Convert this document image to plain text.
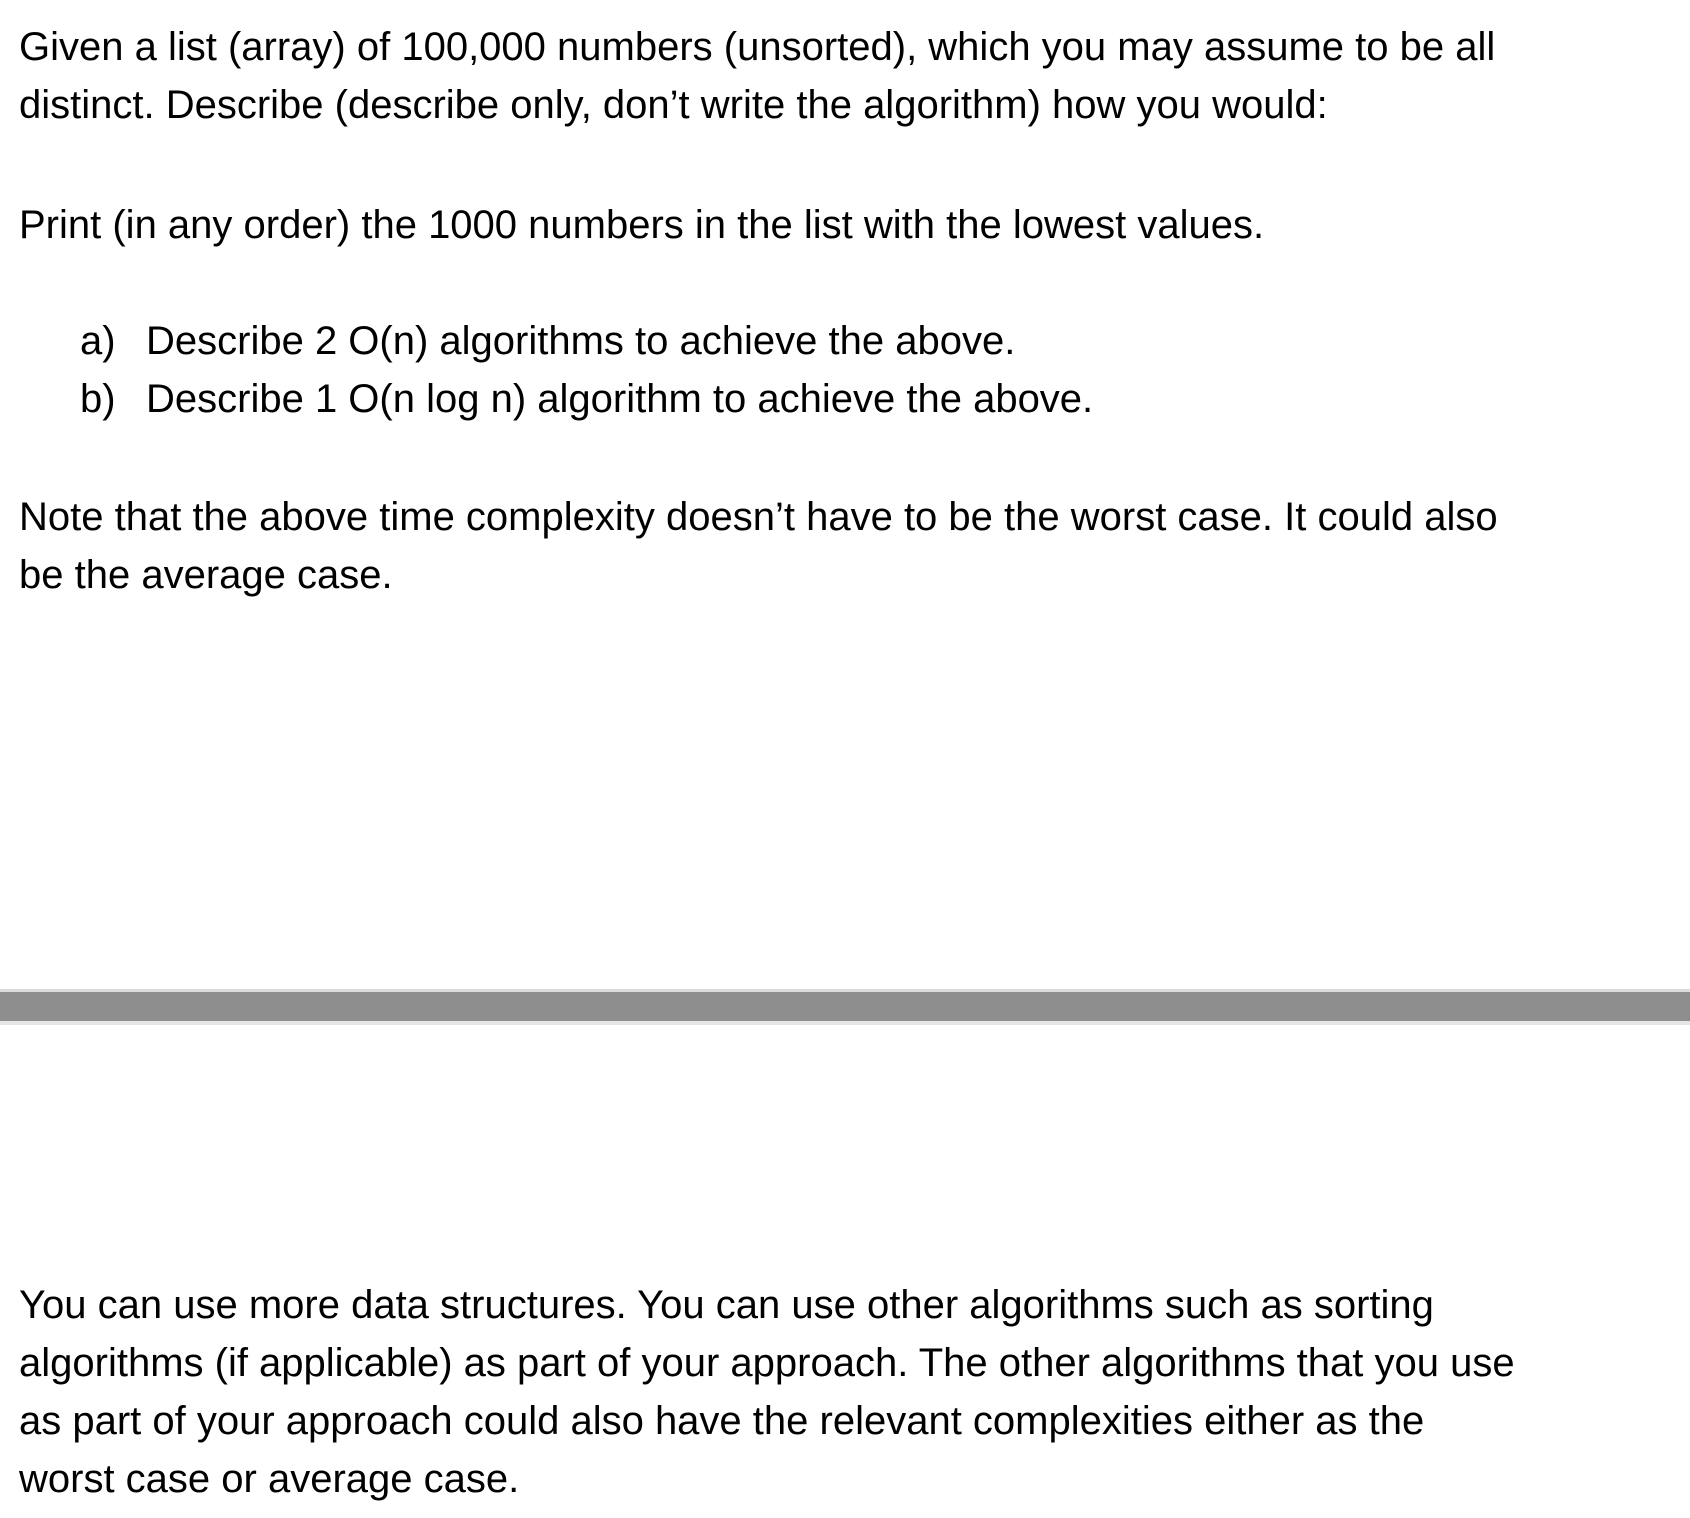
Given a list (array) of 100,000 numbers (unsorted), which you may assume to be all
distinct. Describe (describe only, don’t write the algorithm) how you would:

Print (in any order) the 1000 numbers in the list with the lowest values.

a) Describe 2 O(n) algorithms to achieve the above.
b) Describe 1 O(n log n) algorithm to achieve the above.

Note that the above time complexity doesn’t have to be the worst case. It could also
be the average case.

You can use more data structures. You can use other algorithms such as sorting
algorithms (if applicable) as part of your approach. The other algorithms that you use
as part of your approach could also have the relevant complexities either as the
worst case or average case.
